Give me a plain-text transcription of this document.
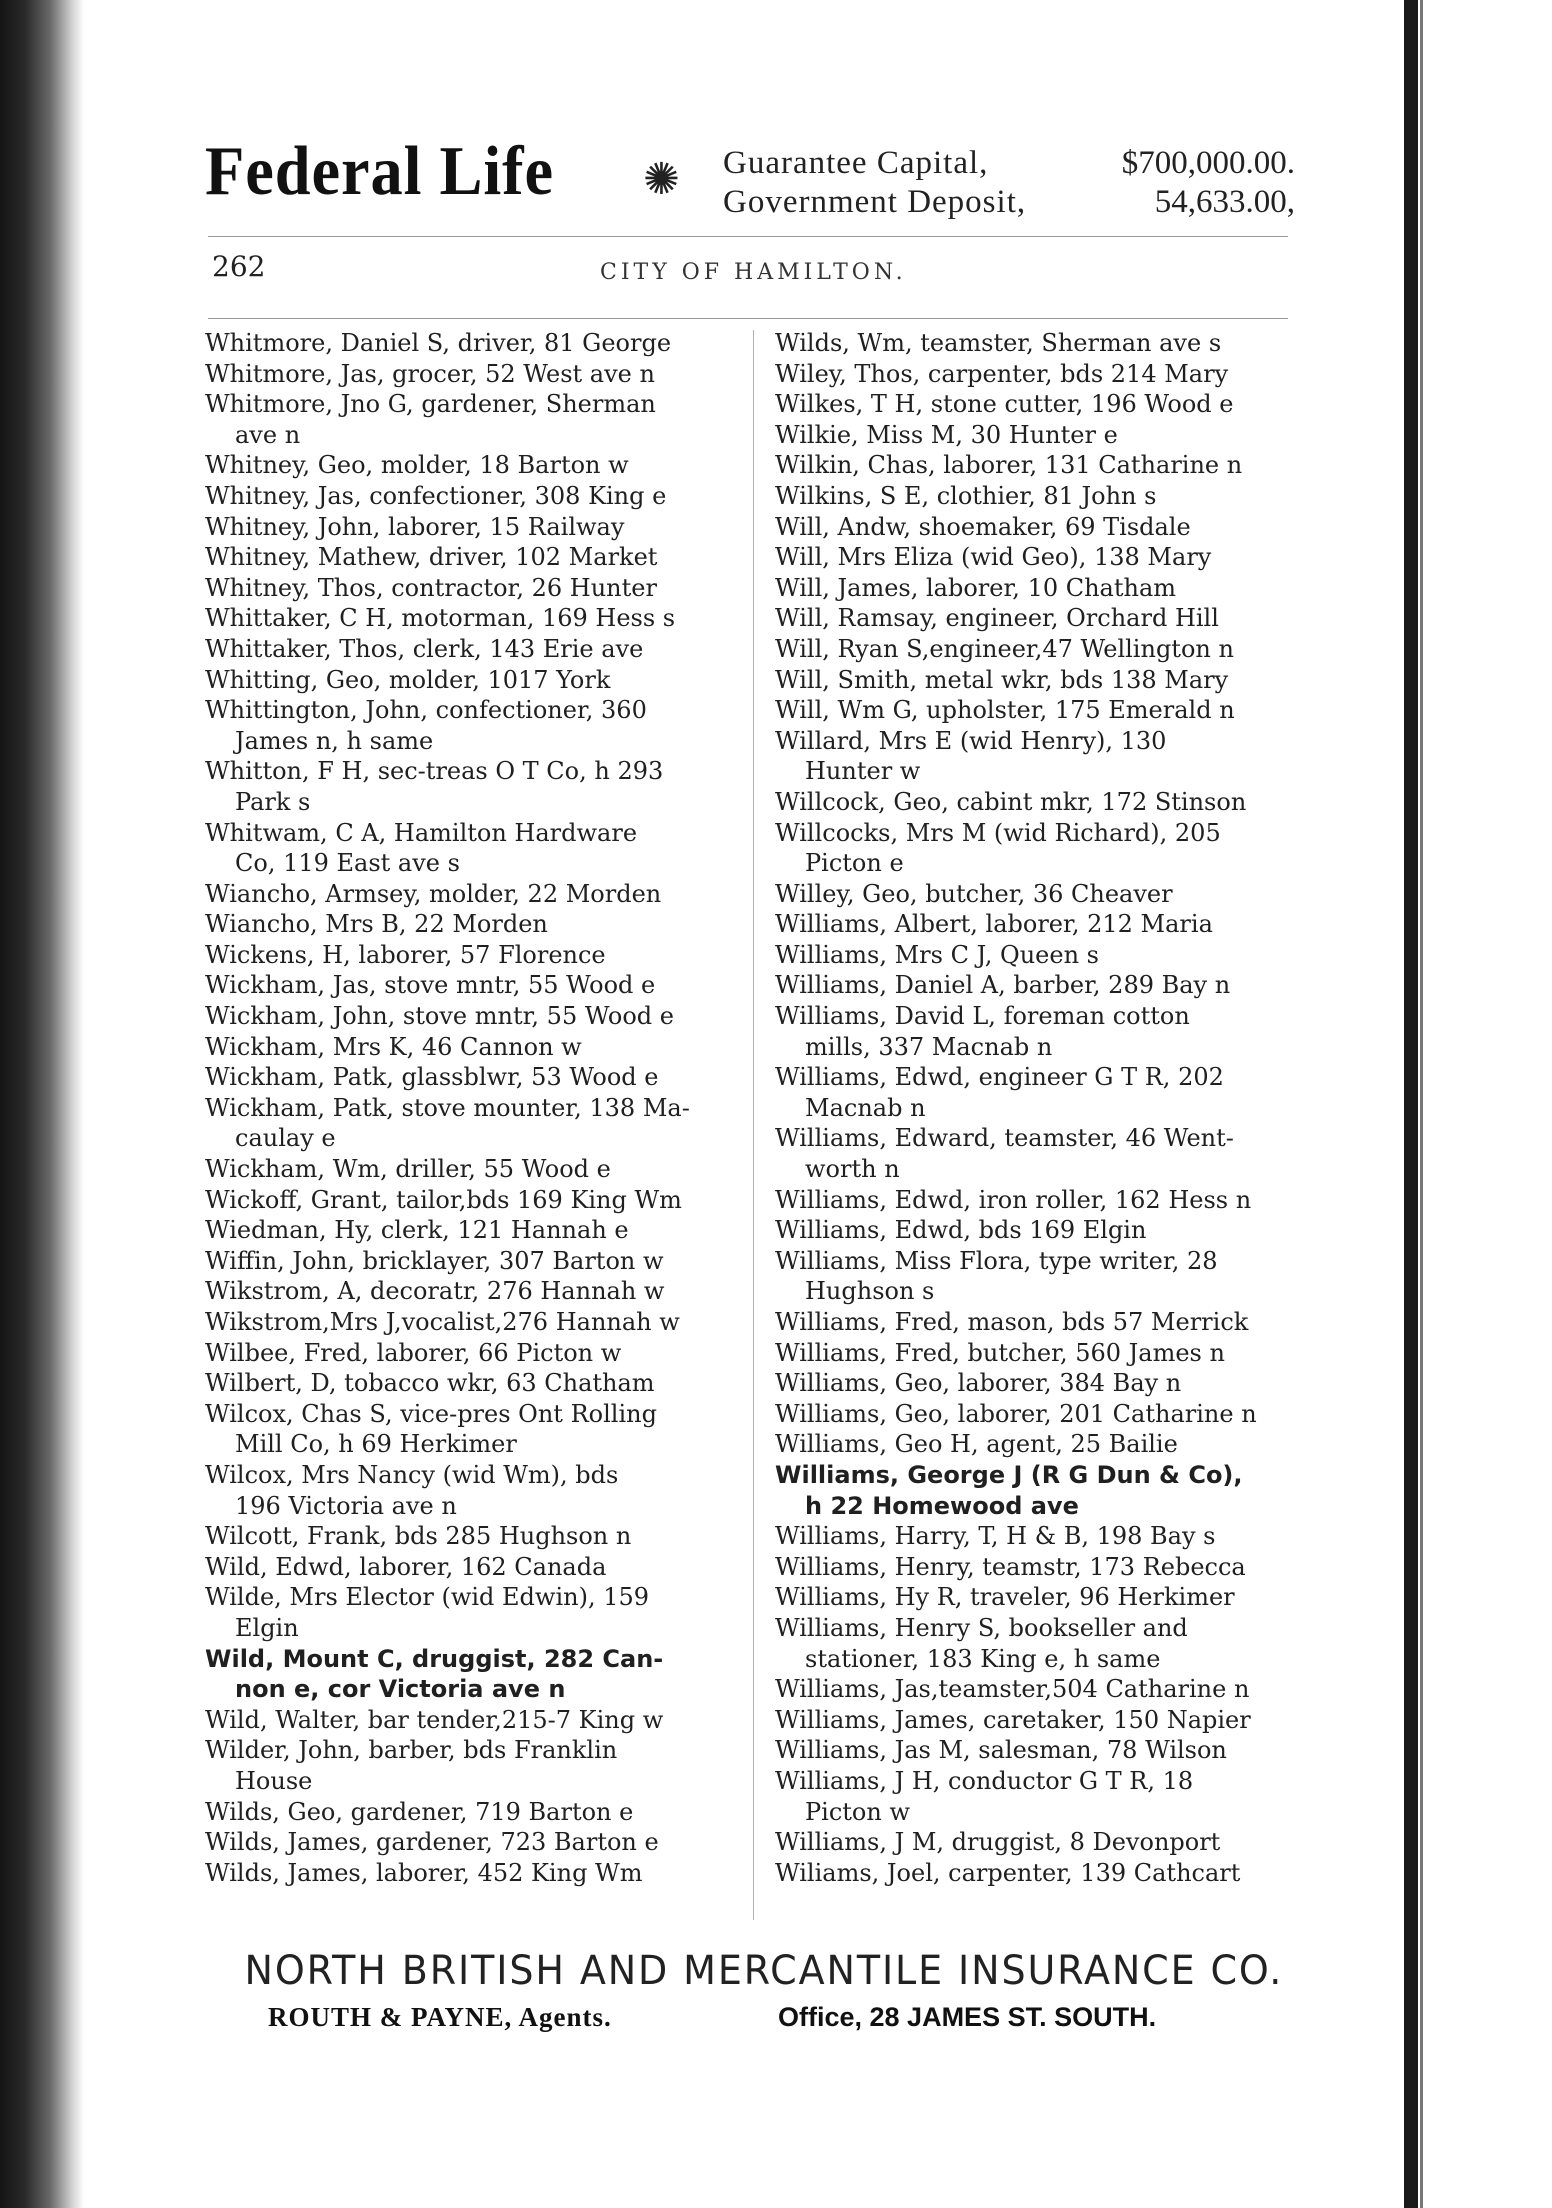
Federal Life ✺ Guarantee Capital,
Government Deposit,
$700,000.00.
54,633.00,
262	CITY OF HAMILTON.
Whitmore, Daniel S, driver, 81 George
Whitmore, Jas, grocer, 52 West ave n
Whitmore, Jno G, gardener, Sherman
ave n
Whitney, Geo, molder, 18 Barton w
Whitney, Jas, confectioner, 308 King e
Whitney, John, laborer, 15 Railway
Whitney, Mathew, driver, 102 Market
Whitney, Thos, contractor, 26 Hunter
Whittaker, C H, motorman, 169 Hess s
Whittaker, Thos, clerk, 143 Erie ave
Whitting, Geo, molder, 1017 York
Whittington, John, confectioner, 360
James n, h same
Whitton, F H, sec-treas O T Co, h 293
Park s
Whitwam, C A, Hamilton Hardware
Co, 119 East ave s
Wiancho, Armsey, molder, 22 Morden
Wiancho, Mrs B, 22 Morden
Wickens, H, laborer, 57 Florence
Wickham, Jas, stove mntr, 55 Wood e
Wickham, John, stove mntr, 55 Wood e
Wickham, Mrs K, 46 Cannon w
Wickham, Patk, glassblwr, 53 Wood e
Wickham, Patk, stove mounter, 138 Ma-
caulay e
Wickham, Wm, driller, 55 Wood e
Wickoff, Grant, tailor,bds 169 King Wm
Wiedman, Hy, clerk, 121 Hannah e
Wiffin, John, bricklayer, 307 Barton w
Wikstrom, A, decoratr, 276 Hannah w
Wikstrom,Mrs J,vocalist,276 Hannah w
Wilbee, Fred, laborer, 66 Picton w
Wilbert, D, tobacco wkr, 63 Chatham
Wilcox, Chas S, vice-pres Ont Rolling
Mill Co, h 69 Herkimer
Wilcox, Mrs Nancy (wid Wm), bds
196 Victoria ave n
Wilcott, Frank, bds 285 Hughson n
Wild, Edwd, laborer, 162 Canada
Wilde, Mrs Elector (wid Edwin), 159
Elgin
Wild, Mount C, druggist, 282 Can-
non e, cor Victoria ave n
Wild, Walter, bar tender,215-7 King w
Wilder, John, barber, bds Franklin
House
Wilds, Geo, gardener, 719 Barton e
Wilds, James, gardener, 723 Barton e
Wilds, James, laborer, 452 King Wm
Wilds, Wm, teamster, Sherman ave s
Wiley, Thos, carpenter, bds 214 Mary
Wilkes, T H, stone cutter, 196 Wood e
Wilkie, Miss M, 30 Hunter e
Wilkin, Chas, laborer, 131 Catharine n
Wilkins, S E, clothier, 81 John s
Will, Andw, shoemaker, 69 Tisdale
Will, Mrs Eliza (wid Geo), 138 Mary
Will, James, laborer, 10 Chatham
Will, Ramsay, engineer, Orchard Hill
Will, Ryan S,engineer,47 Wellington n
Will, Smith, metal wkr, bds 138 Mary
Will, Wm G, upholster, 175 Emerald n
Willard, Mrs E (wid Henry), 130
Hunter w
Willcock, Geo, cabint mkr, 172 Stinson
Willcocks, Mrs M (wid Richard), 205
Picton e
Willey, Geo, butcher, 36 Cheaver
Williams, Albert, laborer, 212 Maria
Williams, Mrs C J, Queen s
Williams, Daniel A, barber, 289 Bay n
Williams, David L, foreman cotton
mills, 337 Macnab n
Williams, Edwd, engineer G T R, 202
Macnab n
Williams, Edward, teamster, 46 Went-
worth n
Williams, Edwd, iron roller, 162 Hess n
Williams, Edwd, bds 169 Elgin
Williams, Miss Flora, type writer, 28
Hughson s
Williams, Fred, mason, bds 57 Merrick
Williams, Fred, butcher, 560 James n
Williams, Geo, laborer, 384 Bay n
Williams, Geo, laborer, 201 Catharine n
Williams, Geo H, agent, 25 Bailie
Williams, George J (R G Dun & Co),
h 22 Homewood ave
Williams, Harry, T, H & B, 198 Bay s
Williams, Henry, teamstr, 173 Rebecca
Williams, Hy R, traveler, 96 Herkimer
Williams, Henry S, bookseller and
stationer, 183 King e, h same
Williams, Jas,teamster,504 Catharine n
Williams, James, caretaker, 150 Napier
Williams, Jas M, salesman, 78 Wilson
Williams, J H, conductor G T R, 18
Picton w
Williams, J M, druggist, 8 Devonport
Wiliams, Joel, carpenter, 139 Cathcart
NORTH BRITISH AND MERCANTILE INSURANCE CO.
ROUTH & PAYNE, Agents.	Office, 28 JAMES ST. SOUTH.
